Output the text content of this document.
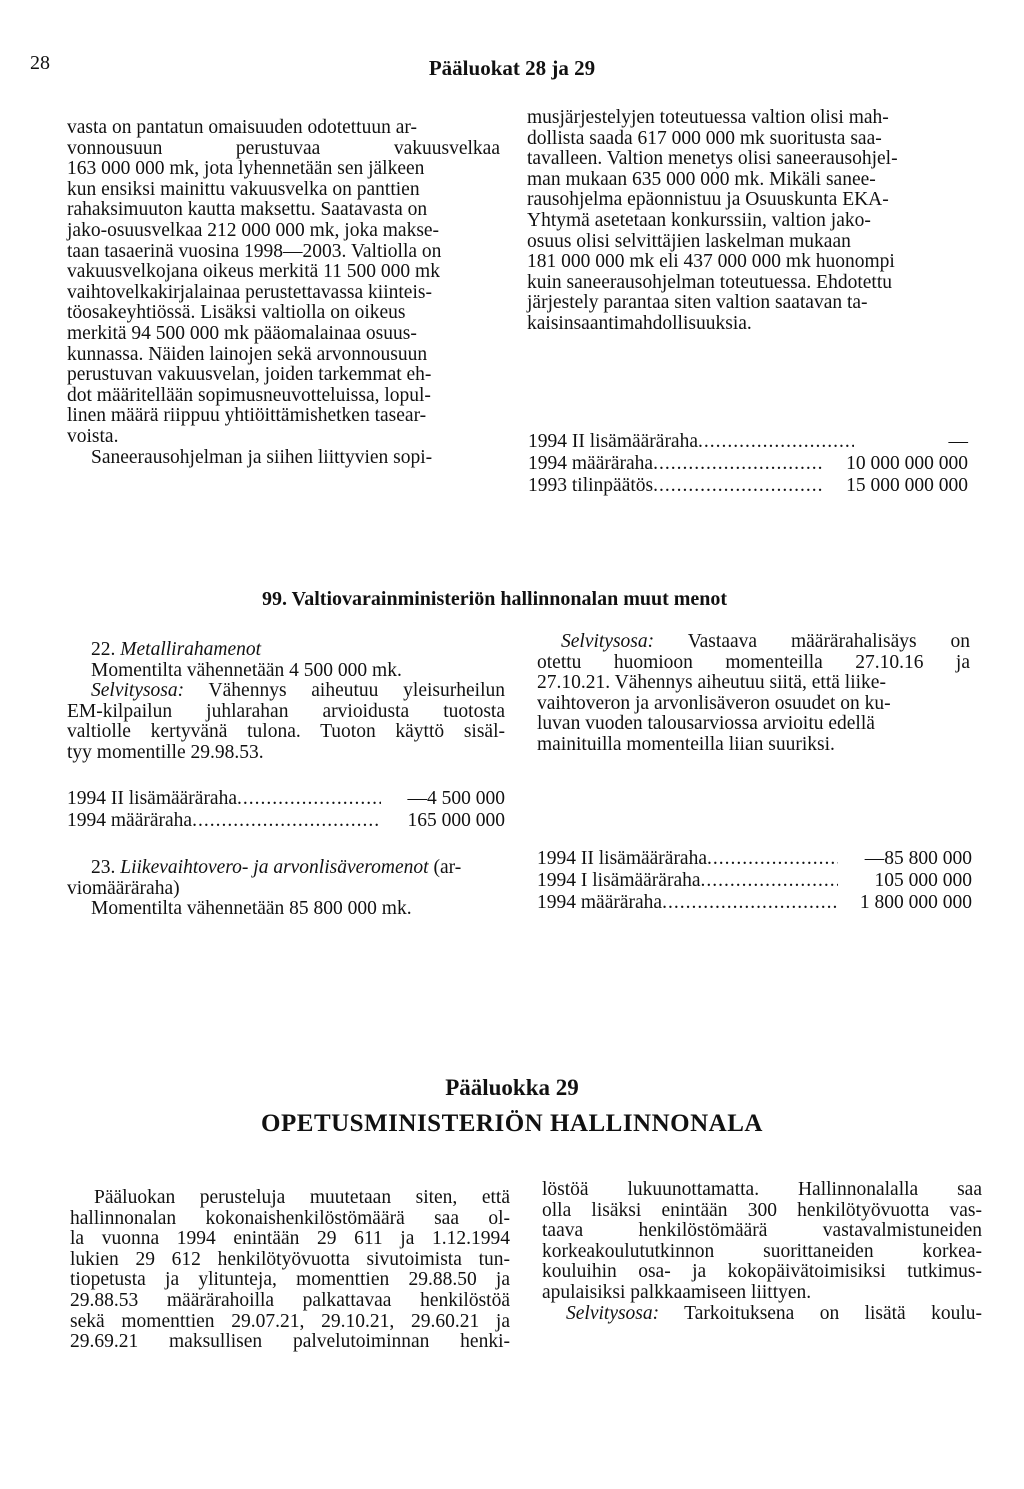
28	Pääluokat 28 ja 29

vasta on pantatun omaisuuden odotettuun ar-

vonnousuun perustuvaa vakuusvelkaa

163 000 000 mk, jota lyhennetään sen jälkeen

kun ensiksi mainittu vakuusvelka on panttien

rahaksimuuton kautta maksettu. Saatavasta on

jako-osuusvelkaa 212 000 000 mk, joka makse-

taan tasaerinä vuosina 1998—2003. Valtiolla on

vakuusvelkojana oikeus merkitä 11 500 000 mk

vaihtovelkakirjalainaa perustettavassa kiinteis-

töosakeyhtiössä. Lisäksi valtiolla on oikeus

merkitä 94 500 000 mk pääomalainaa osuus-

kunnassa. Näiden lainojen sekä arvonnousuun

perustuvan vakuusvelan, joiden tarkemmat eh-

dot määritellään sopimusneuvotteluissa, lopul-

linen määrä riippuu yhtiöittämishetken tasear-

voista.

Saneerausohjelman ja siihen liittyvien sopi-

musjärjestelyjen toteutuessa valtion olisi mah-

dollista saada 617 000 000 mk suoritusta saa-

tavalleen. Valtion menetys olisi saneerausohjel-

man mukaan 635 000 000 mk. Mikäli sanee-

rausohjelma epäonnistuu ja Osuuskunta EKA-

Yhtymä asetetaan konkurssiin, valtion jako-

osuus olisi selvittäjien laskelman mukaan

181 000 000 mk eli 437 000 000 mk huonompi

kuin saneerausohjelman toteutuessa. Ehdotettu

järjestely parantaa siten valtion saatavan ta-

kaisinsaantimahdollisuuksia.

1994 II lisämääräraha .....	—
1994 määräraha .....	10 000 000 000
1993 tilinpäätös .....	15 000 000 000
99. Valtiovarainministeriön hallinnonalan muut menot

22. Metallirahamenot

Momentilta vähennetään 4 500 000 mk.

Selvitysosa: Vähennys aiheutuu yleisurheilun

EM-kilpailun juhlarahan arvioidusta tuotosta

valtiolle kertyvänä tulona. Tuoton käyttö sisäl-

tyy momentille 29.98.53.

1994 II lisämääräraha .....	—4 500 000
1994 määräraha .....	165 000 000

Selvitysosa: Vastaava määrärahalisäys on

otettu huomioon momenteilla 27.10.16 ja

27.10.21. Vähennys aiheutuu siitä, että liike-

vaihtoveron ja arvonlisäveron osuudet on ku-

luvan vuoden talousarviossa arvioitu edellä

mainituilla momenteilla liian suuriksi.

23. Liikevaihtovero- ja arvonlisäveromenot (ar-

viomääräraha)

Momentilta vähennetään 85 800 000 mk.

1994 II lisämääräraha .....	—85 800 000
1994 I lisämääräraha .....	105 000 000
1994 määräraha .....	1 800 000 000
Pääluokka 29
OPETUSMINISTERIÖN HALLINNONALA

Pääluokan perusteluja muutetaan siten, että

hallinnonalan kokonaishenkilöstömäärä saa ol-

la vuonna 1994 enintään 29 611 ja 1.12.1994

lukien 29 612 henkilötyövuotta sivutoimista tun-

tiopetusta ja ylitunteja, momenttien 29.88.50 ja

29.88.53 määrärahoilla palkattavaa henkilöstöä

sekä momenttien 29.07.21, 29.10.21, 29.60.21 ja

29.69.21 maksullisen palvelutoiminnan henki-

löstöä lukuunottamatta. Hallinnonalalla saa

olla lisäksi enintään 300 henkilötyövuotta vas-

taava henkilöstömäärä vastavalmistuneiden

korkeakoulututkinnon suorittaneiden korkea-

kouluihin osa- ja kokopäivätoimisiksi tutkimus-

apulaisiksi palkkaamiseen liittyen.

Selvitysosa: Tarkoituksena on lisätä koulu-
